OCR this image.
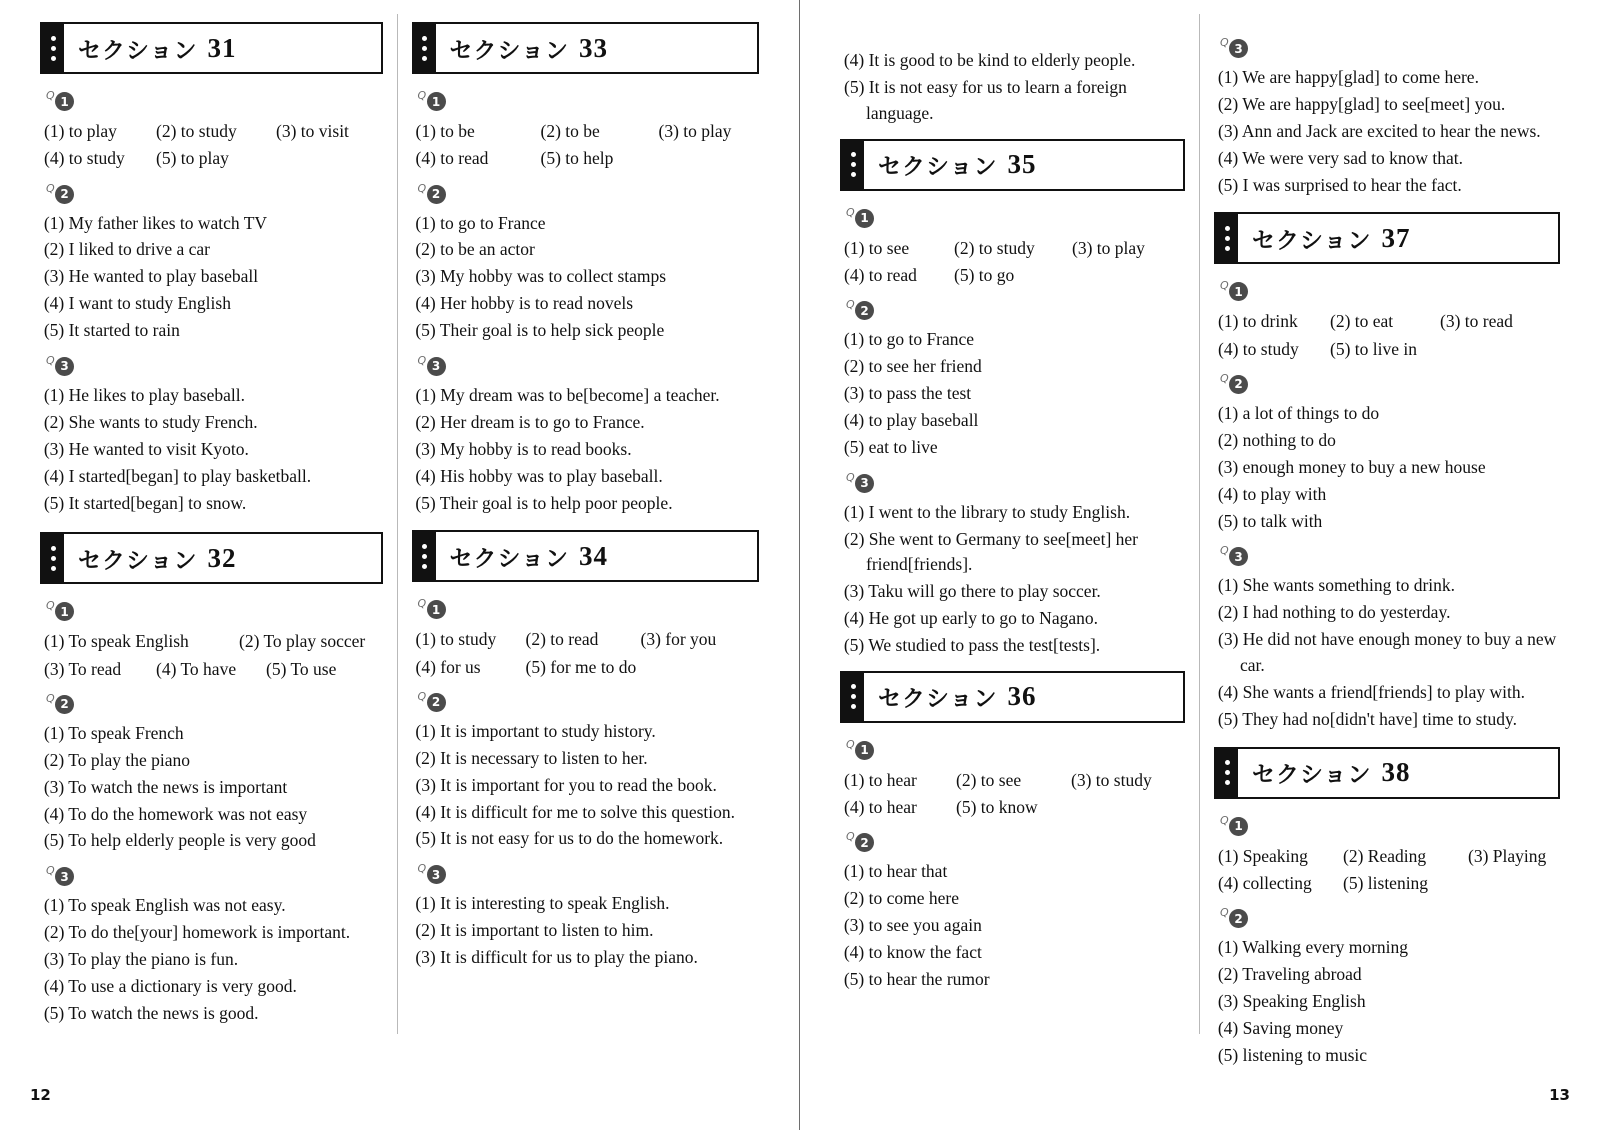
セクション 31
Q 1
(1) to play	(2) to study	(3) to visit
(4) to study	(5) to play
Q 2

(1) My father likes to watch TV

(2) I liked to drive a car

(3) He wanted to play baseball

(4) I want to study English

(5) It started to rain

Q 3

(1) He likes to play baseball.

(2) She wants to study French.

(3) He wanted to visit Kyoto.

(4) I started[began] to play basketball.

(5) It started[began] to snow.

セクション 32
Q 1
(1) To speak English	(2) To play soccer
(3) To read	(4) To have	(5) To use
Q 2

(1) To speak French

(2) To play the piano

(3) To watch the news is important

(4) To do the homework was not easy

(5) To help elderly people is very good

Q 3

(1) To speak English was not easy.

(2) To do the[your] homework is important.

(3) To play the piano is fun.

(4) To use a dictionary is very good.

(5) To watch the news is good.

セクション 33
Q 1
(1) to be	(2) to be	(3) to play
(4) to read	(5) to help
Q 2

(1) to go to France

(2) to be an actor

(3) My hobby was to collect stamps

(4) Her hobby is to read novels

(5) Their goal is to help sick people

Q 3

(1) My dream was to be[become] a teacher.

(2) Her dream is to go to France.

(3) My hobby is to read books.

(4) His hobby was to play baseball.

(5) Their goal is to help poor people.

セクション 34
Q 1
(1) to study	(2) to read	(3) for you
(4) for us	(5) for me to do
Q 2

(1) It is important to study history.

(2) It is necessary to listen to her.

(3) It is important for you to read the book.

(4) It is difficult for me to solve this question.

(5) It is not easy for us to do the homework.

Q 3

(1) It is interesting to speak English.

(2) It is important to listen to him.

(3) It is difficult for us to play the piano.

12

(4) It is good to be kind to elderly people.

(5) It is not easy for us to learn a foreign language.

セクション 35
Q 1
(1) to see	(2) to study	(3) to play
(4) to read	(5) to go
Q 2

(1) to go to France

(2) to see her friend

(3) to pass the test

(4) to play baseball

(5) eat to live

Q 3

(1) I went to the library to study English.

(2) She went to Germany to see[meet] her friend[friends].

(3) Taku will go there to play soccer.

(4) He got up early to go to Nagano.

(5) We studied to pass the test[tests].

セクション 36
Q 1
(1) to hear	(2) to see	(3) to study
(4) to hear	(5) to know
Q 2

(1) to hear that

(2) to come here

(3) to see you again

(4) to know the fact

(5) to hear the rumor

Q 3

(1) We are happy[glad] to come here.

(2) We are happy[glad] to see[meet] you.

(3) Ann and Jack are excited to hear the news.

(4) We were very sad to know that.

(5) I was surprised to hear the fact.

セクション 37
Q 1
(1) to drink	(2) to eat	(3) to read
(4) to study	(5) to live in
Q 2

(1) a lot of things to do

(2) nothing to do

(3) enough money to buy a new house

(4) to play with

(5) to talk with

Q 3

(1) She wants something to drink.

(2) I had nothing to do yesterday.

(3) He did not have enough money to buy a new car.

(4) She wants a friend[friends] to play with.

(5) They had no[didn't have] time to study.

セクション 38
Q 1
(1) Speaking	(2) Reading	(3) Playing
(4) collecting	(5) listening
Q 2

(1) Walking every morning

(2) Traveling abroad

(3) Speaking English

(4) Saving money

(5) listening to music

13
